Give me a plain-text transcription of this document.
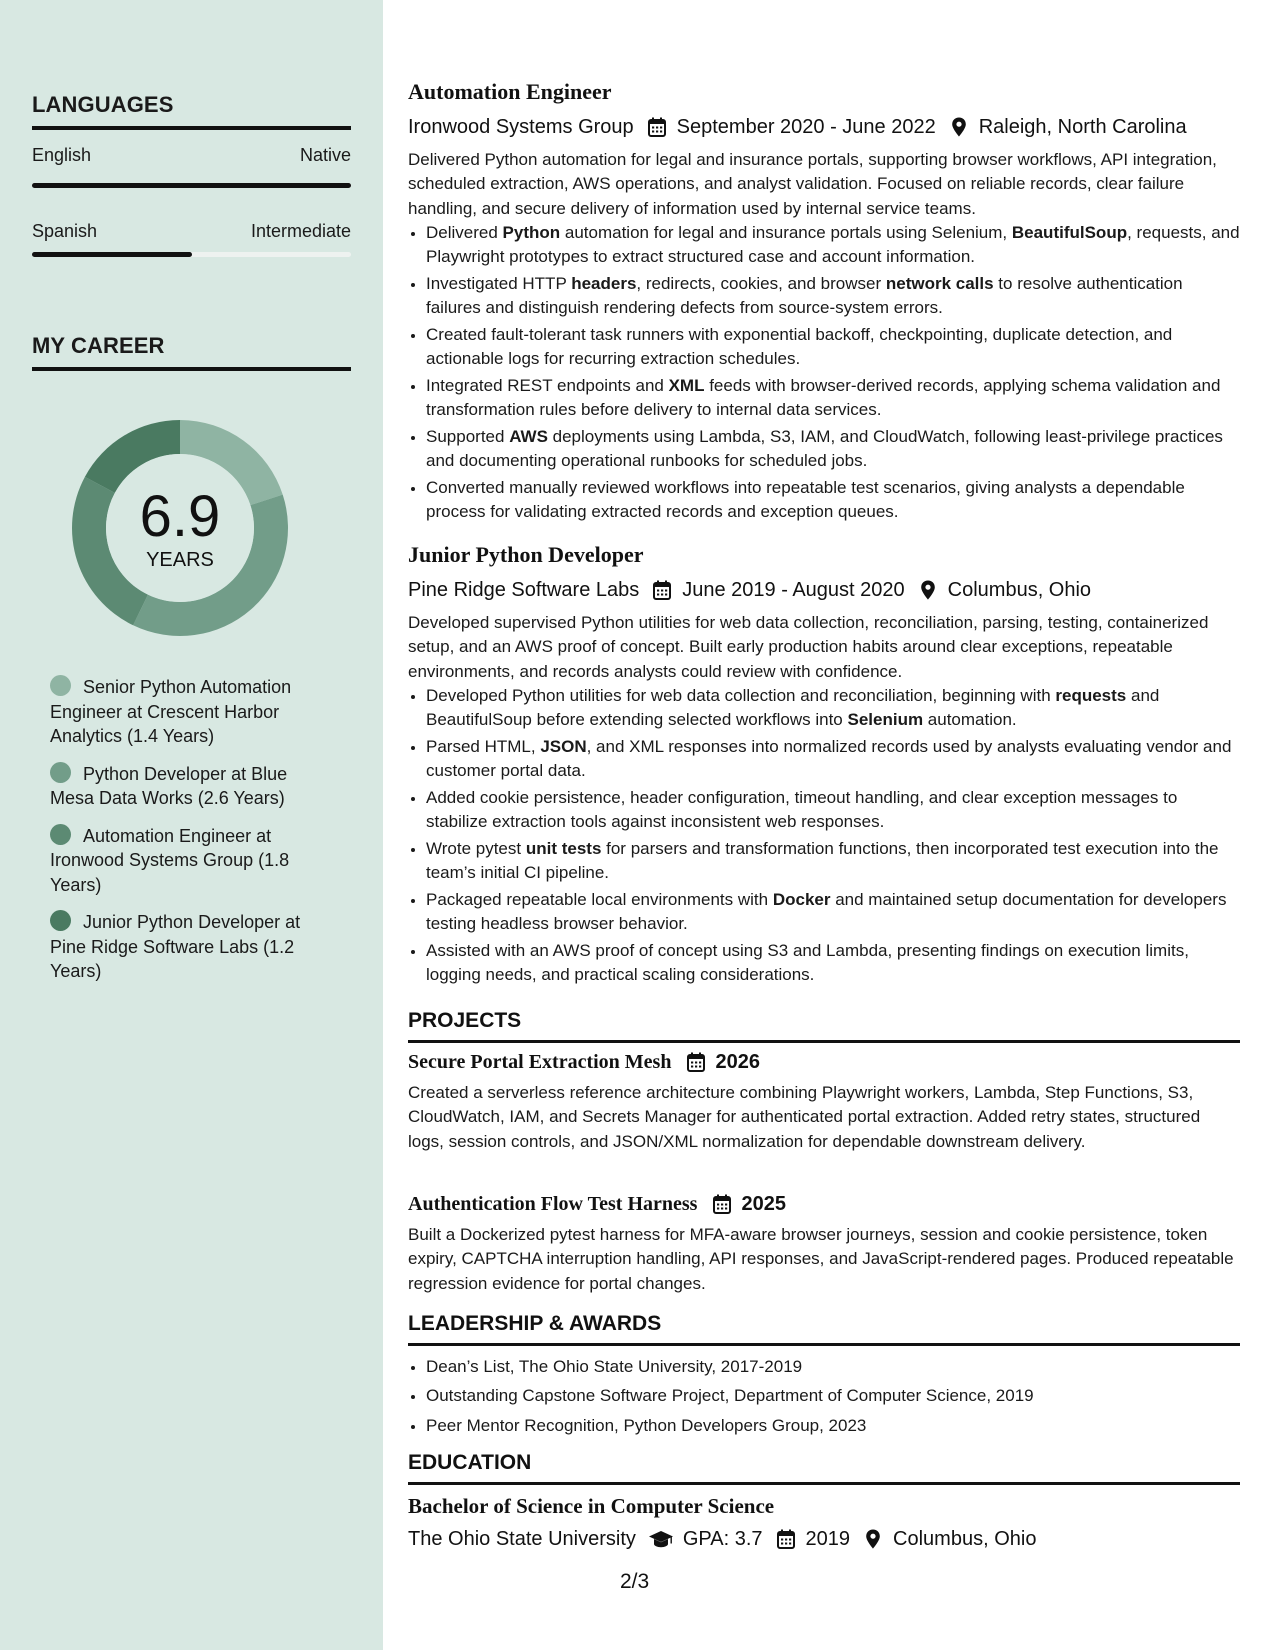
LANGUAGES
English	Native
Spanish	Intermediate
MY CAREER
6.9
YEARS
Senior Python Automation Engineer at Crescent Harbor Analytics (1.4 Years)
Python Developer at Blue Mesa Data Works (2.6 Years)
Automation Engineer at Ironwood Systems Group (1.8 Years)
Junior Python Developer at Pine Ridge Software Labs (1.2 Years)
Automation Engineer
Ironwood Systems Group September 2020 - June 2022 Raleigh, North Carolina

Delivered Python automation for legal and insurance portals, supporting browser workflows, API integration, scheduled extraction, AWS operations, and analyst validation. Focused on reliable records, clear failure handling, and secure delivery of information used by internal service teams.

• Delivered Python automation for legal and insurance portals using Selenium, BeautifulSoup, requests, and Playwright prototypes to extract structured case and account information.
• Investigated HTTP headers, redirects, cookies, and browser network calls to resolve authentication failures and distinguish rendering defects from source-system errors.
• Created fault-tolerant task runners with exponential backoff, checkpointing, duplicate detection, and actionable logs for recurring extraction schedules.
• Integrated REST endpoints and XML feeds with browser-derived records, applying schema validation and transformation rules before delivery to internal data services.
• Supported AWS deployments using Lambda, S3, IAM, and CloudWatch, following least-privilege practices and documenting operational runbooks for scheduled jobs.
• Converted manually reviewed workflows into repeatable test scenarios, giving analysts a dependable process for validating extracted records and exception queues.
Junior Python Developer
Pine Ridge Software Labs June 2019 - August 2020 Columbus, Ohio

Developed supervised Python utilities for web data collection, reconciliation, parsing, testing, containerized setup, and an AWS proof of concept. Built early production habits around clear exceptions, repeatable environments, and records analysts could review with confidence.

• Developed Python utilities for web data collection and reconciliation, beginning with requests and BeautifulSoup before extending selected workflows into Selenium automation.
• Parsed HTML, JSON, and XML responses into normalized records used by analysts evaluating vendor and customer portal data.
• Added cookie persistence, header configuration, timeout handling, and clear exception messages to stabilize extraction tools against inconsistent web responses.
• Wrote pytest unit tests for parsers and transformation functions, then incorporated test execution into the team’s initial CI pipeline.
• Packaged repeatable local environments with Docker and maintained setup documentation for developers testing headless browser behavior.
• Assisted with an AWS proof of concept using S3 and Lambda, presenting findings on execution limits, logging needs, and practical scaling considerations.
PROJECTS
Secure Portal Extraction Mesh 2026

Created a serverless reference architecture combining Playwright workers, Lambda, Step Functions, S3, CloudWatch, IAM, and Secrets Manager for authenticated portal extraction. Added retry states, structured logs, session controls, and JSON/XML normalization for dependable downstream delivery.

Authentication Flow Test Harness 2025

Built a Dockerized pytest harness for MFA-aware browser journeys, session and cookie persistence, token expiry, CAPTCHA interruption handling, API responses, and JavaScript-rendered pages. Produced repeatable regression evidence for portal changes.

LEADERSHIP & AWARDS
• Dean’s List, The Ohio State University, 2017-2019
• Outstanding Capstone Software Project, Department of Computer Science, 2019
• Peer Mentor Recognition, Python Developers Group, 2023
EDUCATION
Bachelor of Science in Computer Science
The Ohio State University GPA: 3.7 2019 Columbus, Ohio
2/3
